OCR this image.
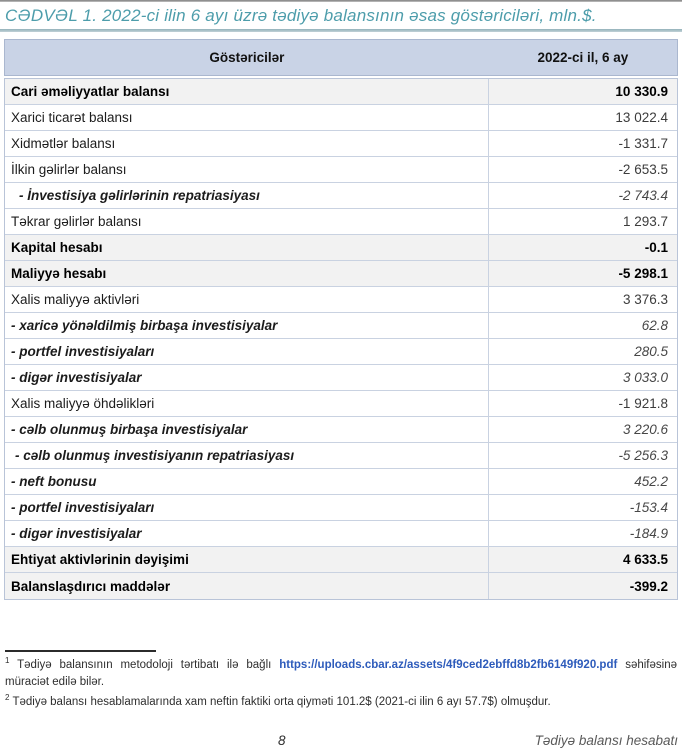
CƏDVƏL 1. 2022-ci ilin 6 ayı üzrə tədiyə balansının əsas göstəriciləri, mln.$.
Göstəricilər	2022-ci il, 6 ay
Cari əməliyyatlar balansı	10 330.9
Xarici ticarət balansı	13 022.4
Xidmətlər balansı	-1 331.7
İlkin gəlirlər balansı	-2 653.5
- İnvestisiya gəlirlərinin repatriasiyası	-2 743.4
Təkrar gəlirlər balansı	1 293.7
Kapital hesabı	-0.1
Maliyyə hesabı	-5 298.1
Xalis maliyyə aktivləri	3 376.3
- xaricə yönəldilmiş birbaşa investisiyalar	62.8
- portfel investisiyaları	280.5
- digər investisiyalar	3 033.0
Xalis maliyyə öhdəlikləri	-1 921.8
- cəlb olunmuş birbaşa investisiyalar	3 220.6
- cəlb olunmuş investisiyanın repatriasiyası	-5 256.3
- neft bonusu	452.2
- portfel investisiyaları	-153.4
- digər investisiyalar	-184.9
Ehtiyat aktivlərinin dəyişimi	4 633.5
Balanslaşdırıcı maddələr	-399.2

$^1$ Tədiyə balansının metodoloji tərtibatı ilə bağlı https://uploads.cbar.az/assets/4f9ced2ebffd8b2fb6149f920.pdf səhifəsinə müraciət edilə bilər.

$^2$ Tədiyə balansı hesablamalarında xam neftin faktiki orta qiyməti 101.2$ (2021-ci ilin 6 ayı 57.7$) olmuşdur.

8	Tədiyə balansı hesabatı
